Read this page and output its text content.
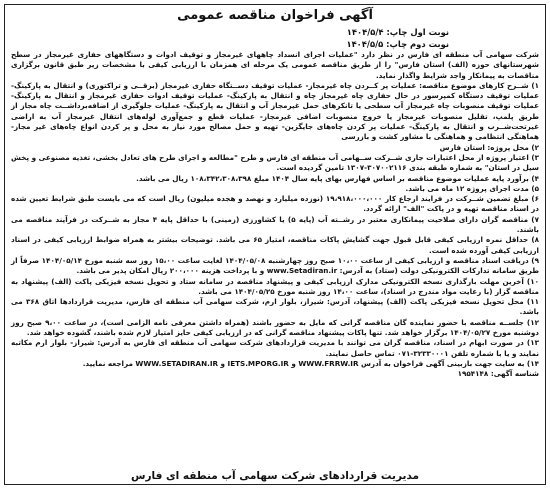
آگهی فراخوان مناقصه عمومی
نوبت اول چاپ: ۱۴۰۴/۵/۴
نوبت دوم چاپ: ۱۴۰۴/۵/۵

شرکت سهامی آب منطقه ای فارس در نظر دارد "عملیات اجرای انسداد چاههای غیرمجاز و توقیف ادوات و دستگاههای حفاری غیرمجاز در سطح شهرستانهای حوزه (الف) استان فارس" را از طریق مناقصه عمومی یک مرحله ای همزمان با ارزیابی کیفی با مشخصات زیر طبق قانون برگزاری مناقصات به پیمانکار واجد شرایط واگذار نماید.

۱) شــرح کارهای موضوع مناقصه: عملیات پر کــردن چاه غیرمجاز- عملیات توقیف دســتگاه حفاری غیرمجاز (برقــی و تراکتوری) و انتقال به پارکینگ- عملیات توقیف دستگاه کمپرسور در حال حفاری چاه غیرمجاز چاه و انتقال به پارکینگ- عملیات توقیف ادوات حفاری غیرمجاز و انتقال به پارکینگ- عملیات توقیف منصوبات چاه غیرمجاز آب سطحی یا تانکرهای حمل غیرمجاز آب و انتقال به پارکینگ- عملیات جلوگیری از اضافه‌برداشــت چاه مجاز از طریق پلمپ، تقلیل منصوبات غیرمجاز یا خروج منصوبات اضافی غیرمجاز- عملیات قطع و جمع‌آوری لوله‌های انتقال غیرمجاز آب به اراضی غیرتحت‌شــرب و انتقال به پارکینگ- عملیات پر کردن چاه‌های جایگزین- تهیه و حمل مصالح مورد نیاز به محل و پر کردن انواع چاه‌های غیر مجاز- هماهنگی انتظامی و هماهنگی با مشاور کشت و بازرسی

۲) محل پروژه: استان فارس

۳) اعتبار پروژه از محل اعتبارات جاری شــرکت ســهامی آب منطقه ای فارس و طرح "مطالعه و اجرای طرح های تعادل بخشی، تغذیه مصنوعی و پخش سیل در استان" به شماره طبقه بندی ۳۰۷۰۰۲۱۱۶-۱۳۰۷ تامین گردیده است.

۴) برآورد پایه عملیات موضوع مناقصه بر اساس فهارس بهای پایه سال ۱۴۰۴ مبلغ ۱۰۸،۳۴۲،۳۰۸،۳۹۸ ریال می باشد.

۵) مدت اجرای پروژه ۱۲ ماه می باشد.

۶) مبلغ تضمین شــرکت در فرایند ارجاع کار ۱۹،۹۱۸،۰۰۰،۰۰۰ (نوزده میلیارد و نهصد و هجده میلیون) ریال است که می بایست طبق شرایط تعیین شده در اسناد مناقصه تهیه و در پاکت "الف" ارائه گردد.

۷) مناقصه گران دارای صلاحیت پیمانکاری معتبر در رشــته آب (پایه ۵) یا کشاورزی (زمینی) با حداقل پایه ۴ مجاز به شــرکت در فرآیند مناقصه می باشند.

۸) حداقل نمره ارزیابی کیفی قابل قبول جهت گشایش پاکات مناقصه، امتیاز ۶۵ می باشد. توضیحات بیشتر به همراه ضوابط ارزیابی کیفی در اسناد ارزیابی کیفی آورده شده است.

۹) دریافت اسناد مناقصه و ارزیابی کیفی از ساعت ۱۰،۰۰ صبح روز چهارشنبه ۱۴۰۴/۰۵/۰۸ لغایت ساعت ۱۵،۰۰ روز سه شنبه مورخ ۱۴۰۴/۰۵/۱۴ صرفاً از طریق سامانه تدارکات الکترونیکی دولت (ستاد) به آدرس: www.Setadiran.ir و با پرداخت هزینه ۲۰۰،۰۰۰ ریال امکان پذیر می باشد.

۱۰) آخرین مهلت بارگذاری نسخه الکترونیکی مدارک ارزیابی کیفی و پیشنهاد مناقصه در سامانه ستاد و تحویل نسخه فیزیکی پاکت (الف) پیشنهاد به مناقصه گزار (با رعایت مواد مندرج در اسناد)، ساعت ۱۴،۰۰ روز شنبه مورخ ۱۴۰۴/۰۵/۲۵ می باشد.

۱۱) محل تحویل نسخه فیزیکی پاکت (الف) پیشنهاد، آدرس: شیراز، بلوار ارم، شرکت سهامی آب منطقه ای فارس، مدیریت قراردادها اتاق ۳۶۸ می باشد.

۱۲) جلســه مناقصه با حضور نماینده گان مناقصه گرانی که مایل به حضور باشند (همراه داشتن معرفی نامه الزامی است)، در ساعت ۹،۰۰ صبح روز دوشنبه مورخ ۱۴۰۴/۰۵/۲۷ برگزار خواهد شد. تنها پاکات پیشنهاد مناقصه گرانی که در ارزیابی کیفی حایز امتیاز لازم شده باشند، گشوده خواهد شد.

۱۳) در صورت ابهام در اسناد، مناقصه گران می توانند با مدیریت قراردادهای شرکت سهامی آب منطقه ای فارس به آدرس: شیراز- بلوار ارم مکاتبه نمایند و یا با شماره تلفن ۳۲۳۳۰۰۰۱-۰۷۱ تماس حاصل نمایند.

۱۴) به سایت جهت بازبینی آگهی فراخوان به آدرس WWW.FRRW.IR و IETS.MPORG.IR و WWW.SETADIRAN.IR مراجعه نمایید.

شناسه آگهی: ۱۹۵۴۱۴۸

مدیریت قراردادهای شرکت سهامی آب منطقه ای فارس
